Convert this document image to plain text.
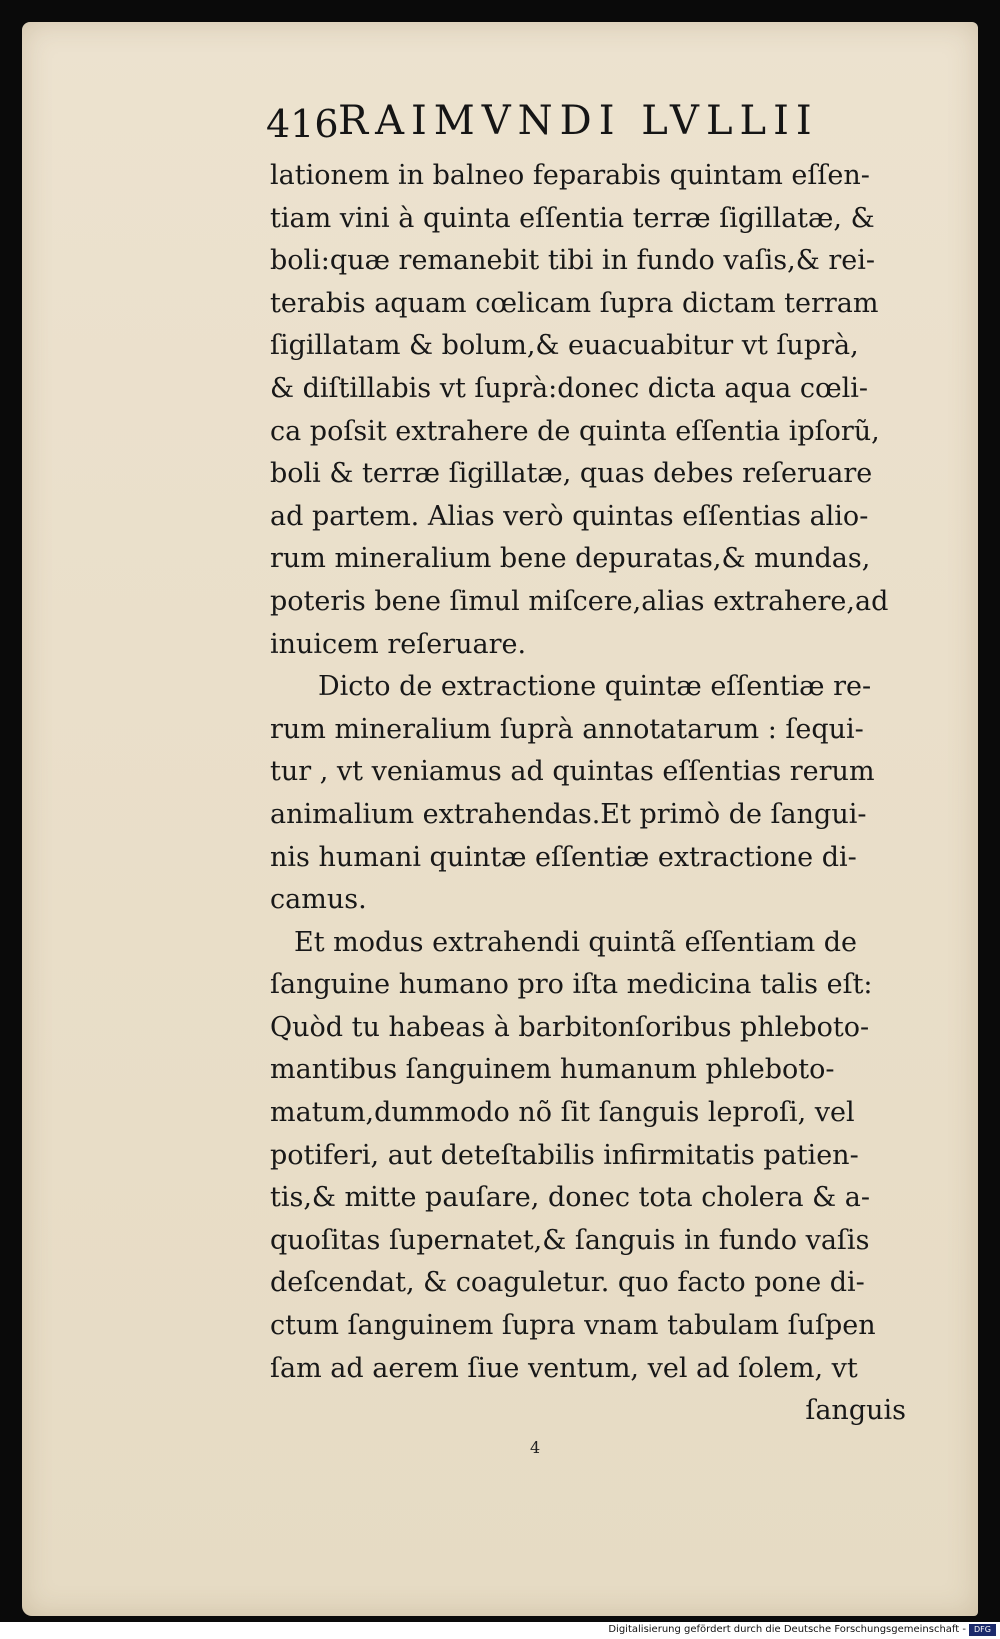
416 RAIMVNDI LVLLII
lationem in balneo feparabis quintam eſſen-
tiam vini à quinta eſſentia terræ ſigillatæ, &
boli:quæ remanebit tibi in fundo vaſis,& rei-
terabis aquam cœlicam ſupra dictam terram
ſigillatam & bolum,& euacuabitur vt ſuprà,
& diſtillabis vt ſuprà:donec dicta aqua cœli-
ca poſsit extrahere de quinta eſſentia ipſorũ,
boli & terræ ſigillatæ, quas debes reſeruare
ad partem. Alias verò quintas eſſentias alio-
rum mineralium bene depuratas,& mundas,
poteris bene ſimul miſcere,alias extrahere,ad
inuicem reſeruare.
Dicto de extractione quintæ eſſentiæ re-
rum mineralium ſuprà annotatarum : ſequi-
tur , vt veniamus ad quintas eſſentias rerum
animalium extrahendas.Et primò de ſangui-
nis humani quintæ eſſentiæ extractione di-
camus.
Et modus extrahendi quintã eſſentiam de
ſanguine humano pro iſta medicina talis eſt:
Quòd tu habeas à barbitonſoribus phleboto-
mantibus ſanguinem humanum phleboto-
matum,dummodo nõ ſit ſanguis leproſi, vel
potiferi, aut deteſtabilis infirmitatis patien-
tis,& mitte pauſare, donec tota cholera & a-
quoſitas ſupernatet,& ſanguis in fundo vaſis
deſcendat, & coaguletur. quo facto pone di-
ctum ſanguinem ſupra vnam tabulam ſuſpen
ſam ad aerem ſiue ventum, vel ad ſolem, vt
ſanguis
4
Digitalisierung gefördert durch die Deutsche Forschungsgemeinschaft -	DFG
